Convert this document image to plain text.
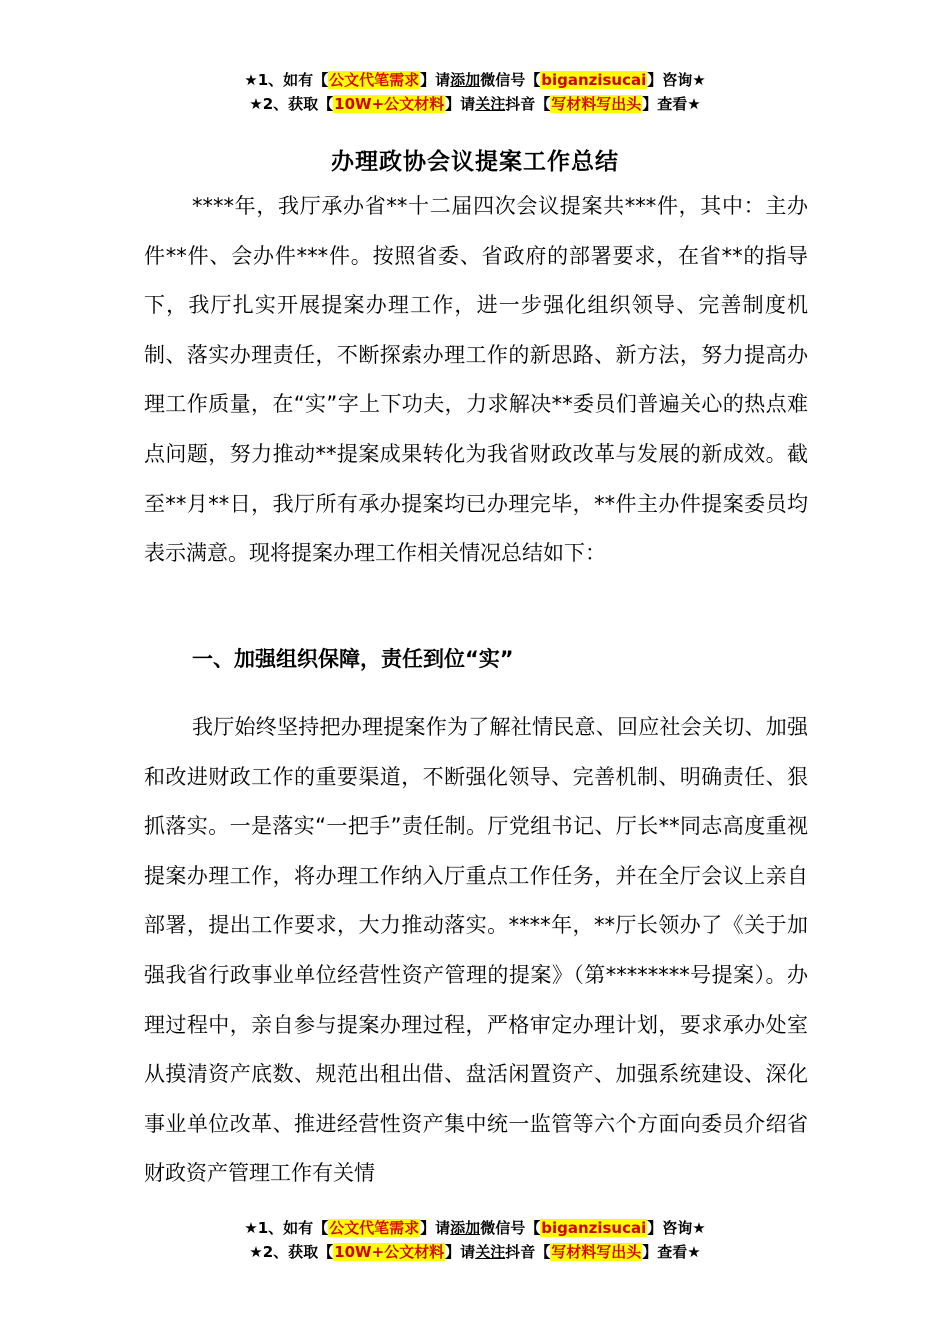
★1、如有【公文代笔需求】请添加微信号【biganzisucai】咨询★
★2、获取【10W+公文材料】请关注抖音【写材料写出头】查看★
办理政协会议提案工作总结

****年，我厅承办省**十二届四次会议提案共***件，其中：主办件**件、会办件***件。按照省委、省政府的部署要求，在省**的指导下，我厅扎实开展提案办理工作，进一步强化组织领导、完善制度机制、落实办理责任，不断探索办理工作的新思路、新方法，努力提高办理工作质量，在“实”字上下功夫，力求解决**委员们普遍关心的热点难点问题，努力推动**提案成果转化为我省财政改革与发展的新成效。截至**月**日，我厅所有承办提案均已办理完毕，**件主办件提案委员均表示满意。现将提案办理工作相关情况总结如下：

一、加强组织保障，责任到位“实”

我厅始终坚持把办理提案作为了解社情民意、回应社会关切、加强和改进财政工作的重要渠道，不断强化领导、完善机制、明确责任、狠抓落实。一是落实“一把手”责任制。厅党组书记、厅长**同志高度重视提案办理工作，将办理工作纳入厅重点工作任务，并在全厅会议上亲自部署，提出工作要求，大力推动落实。****年，**厅长领办了《关于加强我省行政事业单位经营性资产管理的提案》（第********号提案）。办理过程中，亲自参与提案办理过程，严格审定办理计划，要求承办处室从摸清资产底数、规范出租出借、盘活闲置资产、加强系统建设、深化事业单位改革、推进经营性资产集中统一监管等六个方面向委员介绍省财政资产管理工作有关情

★1、如有【公文代笔需求】请添加微信号【biganzisucai】咨询★
★2、获取【10W+公文材料】请关注抖音【写材料写出头】查看★
